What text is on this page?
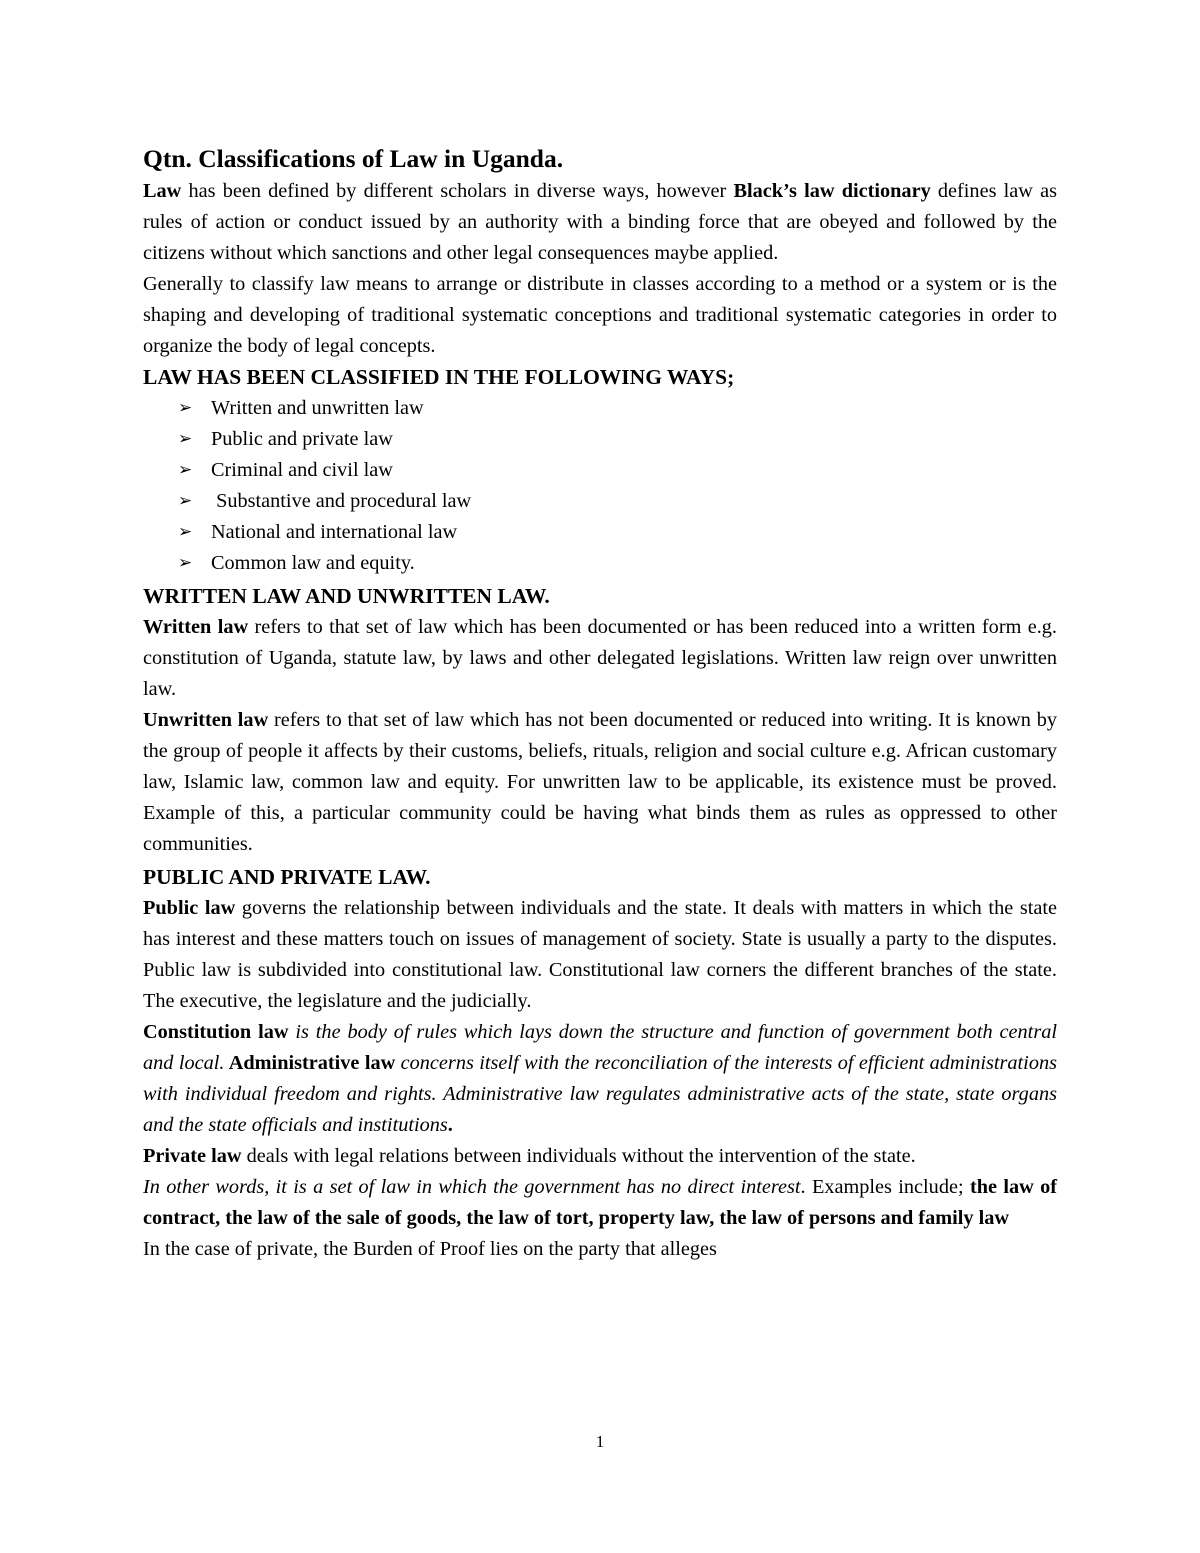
Qtn. Classifications of Law in Uganda.

Law has been defined by different scholars in diverse ways, however Black’s law dictionary defines law as rules of action or conduct issued by an authority with a binding force that are obeyed and followed by the citizens without which sanctions and other legal consequences maybe applied.

Generally to classify law means to arrange or distribute in classes according to a method or a system or is the shaping and developing of traditional systematic conceptions and traditional systematic categories in order to organize the body of legal concepts.

LAW HAS BEEN CLASSIFIED IN THE FOLLOWING WAYS;
➢ Written and unwritten law
➢ Public and private law
➢ Criminal and civil law
➢ Substantive and procedural law
➢ National and international law
➢ Common law and equity.
WRITTEN LAW AND UNWRITTEN LAW.

Written law refers to that set of law which has been documented or has been reduced into a written form e.g. constitution of Uganda, statute law, by laws and other delegated legislations. Written law reign over unwritten law.

Unwritten law refers to that set of law which has not been documented or reduced into writing. It is known by the group of people it affects by their customs, beliefs, rituals, religion and social culture e.g. African customary law, Islamic law, common law and equity. For unwritten law to be applicable, its existence must be proved. Example of this, a particular community could be having what binds them as rules as oppressed to other communities.

PUBLIC AND PRIVATE LAW.

Public law governs the relationship between individuals and the state. It deals with matters in which the state has interest and these matters touch on issues of management of society. State is usually a party to the disputes. Public law is subdivided into constitutional law. Constitutional law corners the different branches of the state. The executive, the legislature and the judicially.

Constitution law is the body of rules which lays down the structure and function of government both central and local. Administrative law concerns itself with the reconciliation of the interests of efficient administrations with individual freedom and rights. Administrative law regulates administrative acts of the state, state organs and the state officials and institutions.

Private law deals with legal relations between individuals without the intervention of the state.
In other words, it is a set of law in which the government has no direct interest. Examples include; the law of contract, the law of the sale of goods, the law of tort, property law, the law of persons and family law

In the case of private, the Burden of Proof lies on the party that alleges

1
